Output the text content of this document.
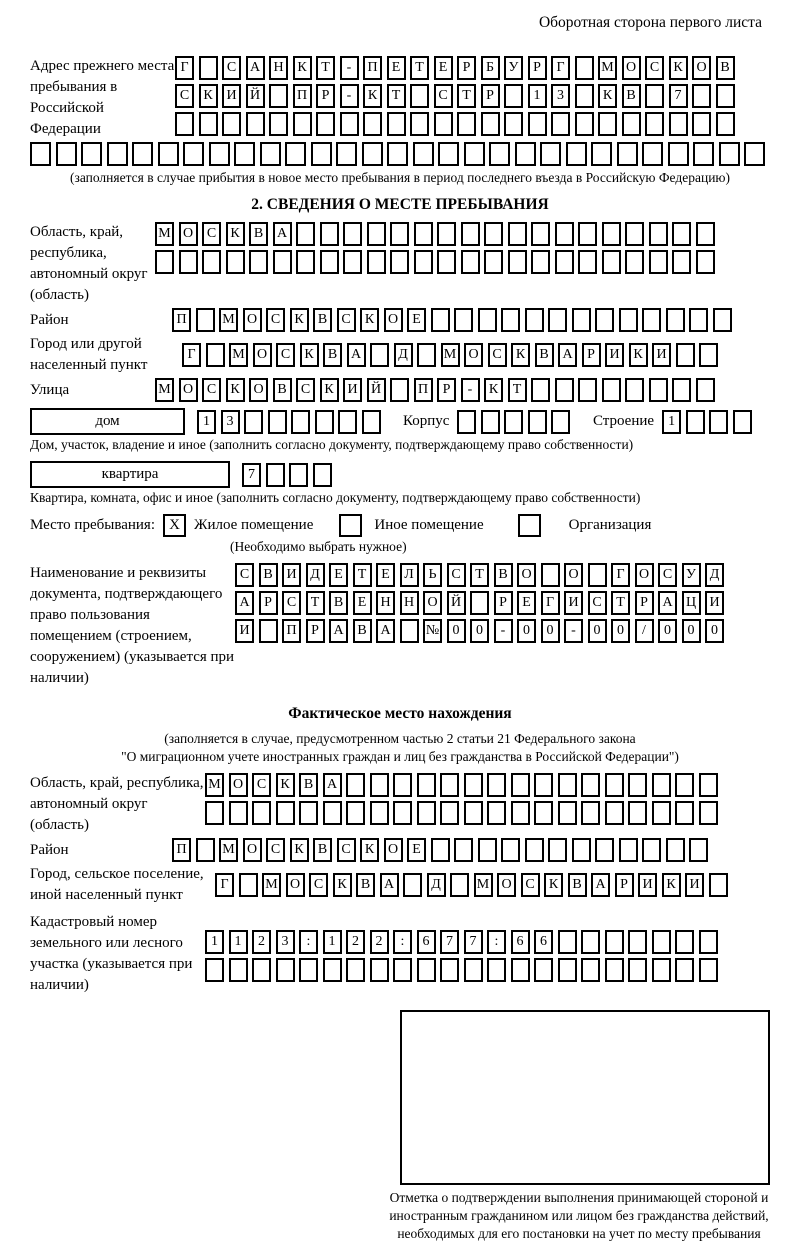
Оборотная сторона первого листа
Адрес прежнего места пребывания в Российской Федерации
Г	С А Н К	Т	-	П	Е	Т	Е	Р	Б	У	Р	Г	М О С	К О В
С	К И Й	П	Р	-	К	Т	С	Т	Р	1	3	К	В	7
(заполняется в случае прибытия в новое место пребывания в период последнего въезда в Российскую Федерацию)
2. СВЕДЕНИЯ О МЕСТЕ ПРЕБЫВАНИЯ
Область, край, республика, автономный округ (область)
М О С	К	В А
Район	П	М О С	К	В	С	К О	Е
Город или другой населенный пункт
Г	М О С	К	В А	Д	М О С	К	В А	Р	И К И
Улица	М О С	К О В	С	К И Й	П	Р	-	К	Т
дом	1	3	Корпус	Строение	1
Дом, участок, владение и иное (заполнить согласно документу, подтверждающему право собственности)
квартира	7
Квартира, комната, офис и иное (заполнить согласно документу, подтверждающему право собственности)
Место пребывания: X Жилое помещение	Иное помещение	Организация
(Необходимо выбрать нужное)
Наименование и реквизиты документа, подтверждающего право пользования помещением (строением, сооружением) (указывается при наличии)
С	В И Д	Е	Т	Е	Л	Ь	С	Т	В О	О	Г	О С У Д
А	Р	С	Т	В	Е	Н Н О Й	Р	Е	Г	И С	Т	Р	А Ц И
И	П	Р	А В А	№ 0	0	-	0	0	-	0	0	/	0	0	0
Фактическое место нахождения
(заполняется в случае, предусмотренном частью 2 статьи 21 Федерального закона
"О миграционном учете иностранных граждан и лиц без гражданства в Российской Федерации")
Область, край, республика, автономный округ (область)
М О С	К	В А
Район	П	М О С	К	В	С	К О	Е
Город, сельское поселение, иной населенный пункт
Г	М О С	К	В А	Д	М О С	К	В А	Р	И К И
Кадастровый номер земельного или лесного участка (указывается при наличии)
1	1	2	3	:	1	2	2	:	6	7	7	:	6	6
Отметка о подтверждении выполнения принимающей стороной и иностранным гражданином или лицом без гражданства действий, необходимых для его постановки на учет по месту пребывания
